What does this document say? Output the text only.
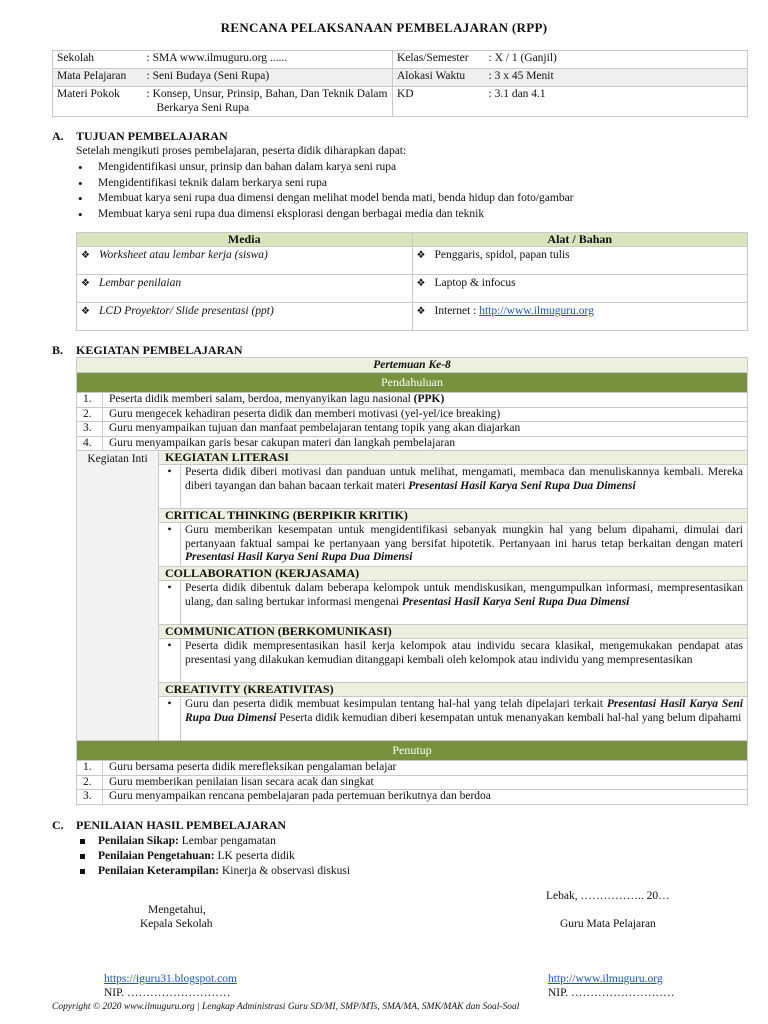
RENCANA PELAKSANAAN PEMBELAJARAN (RPP)
Sekolah	: SMA www.ilmuguru.org ......	Kelas/Semester	: X / 1 (Ganjil)
Mata Pelajaran	: Seni Budaya (Seni Rupa)	Alokasi Waktu	: 3 x 45 Menit
Materi Pokok	: Konsep, Unsur, Prinsip, Bahan, Dan Teknik Dalam Berkarya Seni Rupa	KD	: 3.1 dan 4.1
A. TUJUAN PEMBELAJARAN
Setelah mengikuti proses pembelajaran, peserta didik diharapkan dapat:
• Mengidentifikasi unsur, prinsip dan bahan dalam karya seni rupa
• Mengidentifikasi teknik dalam berkarya seni rupa
• Membuat karya seni rupa dua dimensi dengan melihat model benda mati, benda hidup dan foto/gambar
• Membuat karya seni rupa dua dimensi eksplorasi dengan berbagai media dan teknik
Media	Alat / Bahan
❖ Worksheet atau lembar kerja (siswa)	❖ Penggaris, spidol, papan tulis
❖ Lembar penilaian	❖ Laptop & infocus
❖ LCD Proyektor/ Slide presentasi (ppt)	❖ Internet : http://www.ilmuguru.org
B. KEGIATAN PEMBELAJARAN
Pertemuan Ke-8			
Pendahuluan			
1.	Peserta didik memberi salam, berdoa, menyanyikan lagu nasional (PPK)		
2.	Guru mengecek kehadiran peserta didik dan memberi motivasi (yel-yel/ice breaking)		
3.	Guru menyampaikan tujuan dan manfaat pembelajaran tentang topik yang akan diajarkan		
4.	Guru menyampaikan garis besar cakupan materi dan langkah pembelajaran		
Kegiatan Inti		KEGIATAN LITERASI	
		•	Peserta didik diberi motivasi dan panduan untuk melihat, mengamati, membaca dan menuliskannya kembali. Mereka diberi tayangan dan bahan bacaan terkait materi Presentasi Hasil Karya Seni Rupa Dua Dimensi
		CRITICAL THINKING (BERPIKIR KRITIK)	
		•	Guru memberikan kesempatan untuk mengidentifikasi sebanyak mungkin hal yang belum dipahami, dimulai dari pertanyaan faktual sampai ke pertanyaan yang bersifat hipotetik. Pertanyaan ini harus tetap berkaitan dengan materi Presentasi Hasil Karya Seni Rupa Dua Dimensi
		COLLABORATION (KERJASAMA)	
		•	Peserta didik dibentuk dalam beberapa kelompok untuk mendiskusikan, mengumpulkan informasi, mempresentasikan ulang, dan saling bertukar informasi mengenai Presentasi Hasil Karya Seni Rupa Dua Dimensi
		COMMUNICATION (BERKOMUNIKASI)	
		•	Peserta didik mempresentasikan hasil kerja kelompok atau individu secara klasikal, mengemukakan pendapat atas presentasi yang dilakukan kemudian ditanggapi kembali oleh kelompok atau individu yang mempresentasikan
		CREATIVITY (KREATIVITAS)	
		•	Guru dan peserta didik membuat kesimpulan tentang hal-hal yang telah dipelajari terkait Presentasi Hasil Karya Seni Rupa Dua Dimensi Peserta didik kemudian diberi kesempatan untuk menanyakan kembali hal-hal yang belum dipahami
Penutup			
1.	Guru bersama peserta didik merefleksikan pengalaman belajar		
2.	Guru memberikan penilaian lisan secara acak dan singkat		
3.	Guru menyampaikan rencana pembelajaran pada pertemuan berikutnya dan berdoa		
C. PENILAIAN HASIL PEMBELAJARAN
Penilaian Sikap: Lembar pengamatan
Penilaian Pengetahuan: LK peserta didik
Penilaian Keterampilan: Kinerja & observasi diskusi
Lebak, …………….. 20…
Mengetahui,
Kepala Sekolah	Guru Mata Pelajaran
https://iguru31.blogspot.com	http://www.ilmuguru.org
NIP. ………………………	NIP. ………………………
Copyright © 2020 www.ilmuguru.org | Lengkap Administrasi Guru SD/MI, SMP/MTs, SMA/MA, SMK/MAK dan Soal-Soal
